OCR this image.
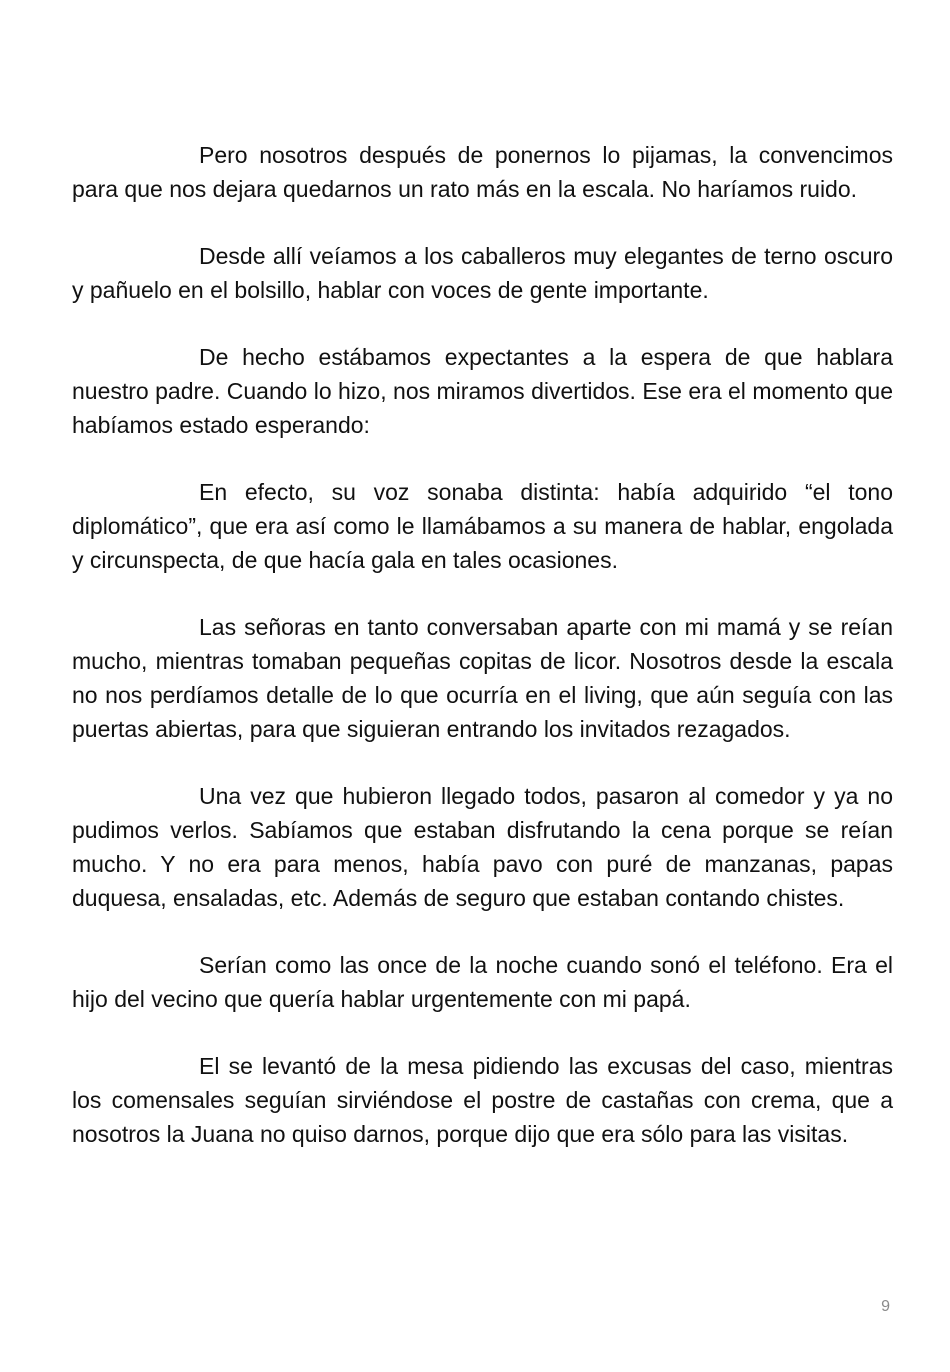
Pero nosotros después de ponernos lo pijamas, la convencimos para que nos dejara quedarnos un rato más en la escala. No haríamos ruido.

Desde allí veíamos a los caballeros muy elegantes de terno oscuro y pañuelo en el bolsillo, hablar con voces de gente importante.

De hecho estábamos expectantes a la espera de que hablara nuestro padre. Cuando lo hizo, nos miramos divertidos. Ese era el momento que habíamos estado esperando:

En efecto, su voz sonaba distinta: había adquirido “el tono diplomático”, que era así como le llamábamos a su manera de hablar, engolada y circunspecta, de que hacía gala en tales ocasiones.

Las señoras en tanto conversaban aparte con mi mamá y se reían mucho, mientras tomaban pequeñas copitas de licor. Nosotros desde la escala no nos perdíamos detalle de lo que ocurría en el living, que aún seguía con las puertas abiertas, para que siguieran entrando los invitados rezagados.

Una vez que hubieron llegado todos, pasaron al comedor y ya no pudimos verlos. Sabíamos que estaban disfrutando la cena porque se reían mucho. Y no era para menos, había pavo con puré de manzanas, papas duquesa, ensaladas, etc. Además de seguro que estaban contando chistes.

Serían como las once de la noche cuando sonó el teléfono. Era el hijo del vecino que quería hablar urgentemente con mi papá.

El se levantó de la mesa pidiendo las excusas del caso, mientras los comensales seguían sirviéndose el postre de castañas con crema, que a nosotros la Juana no quiso darnos, porque dijo que era sólo para las visitas.

9
